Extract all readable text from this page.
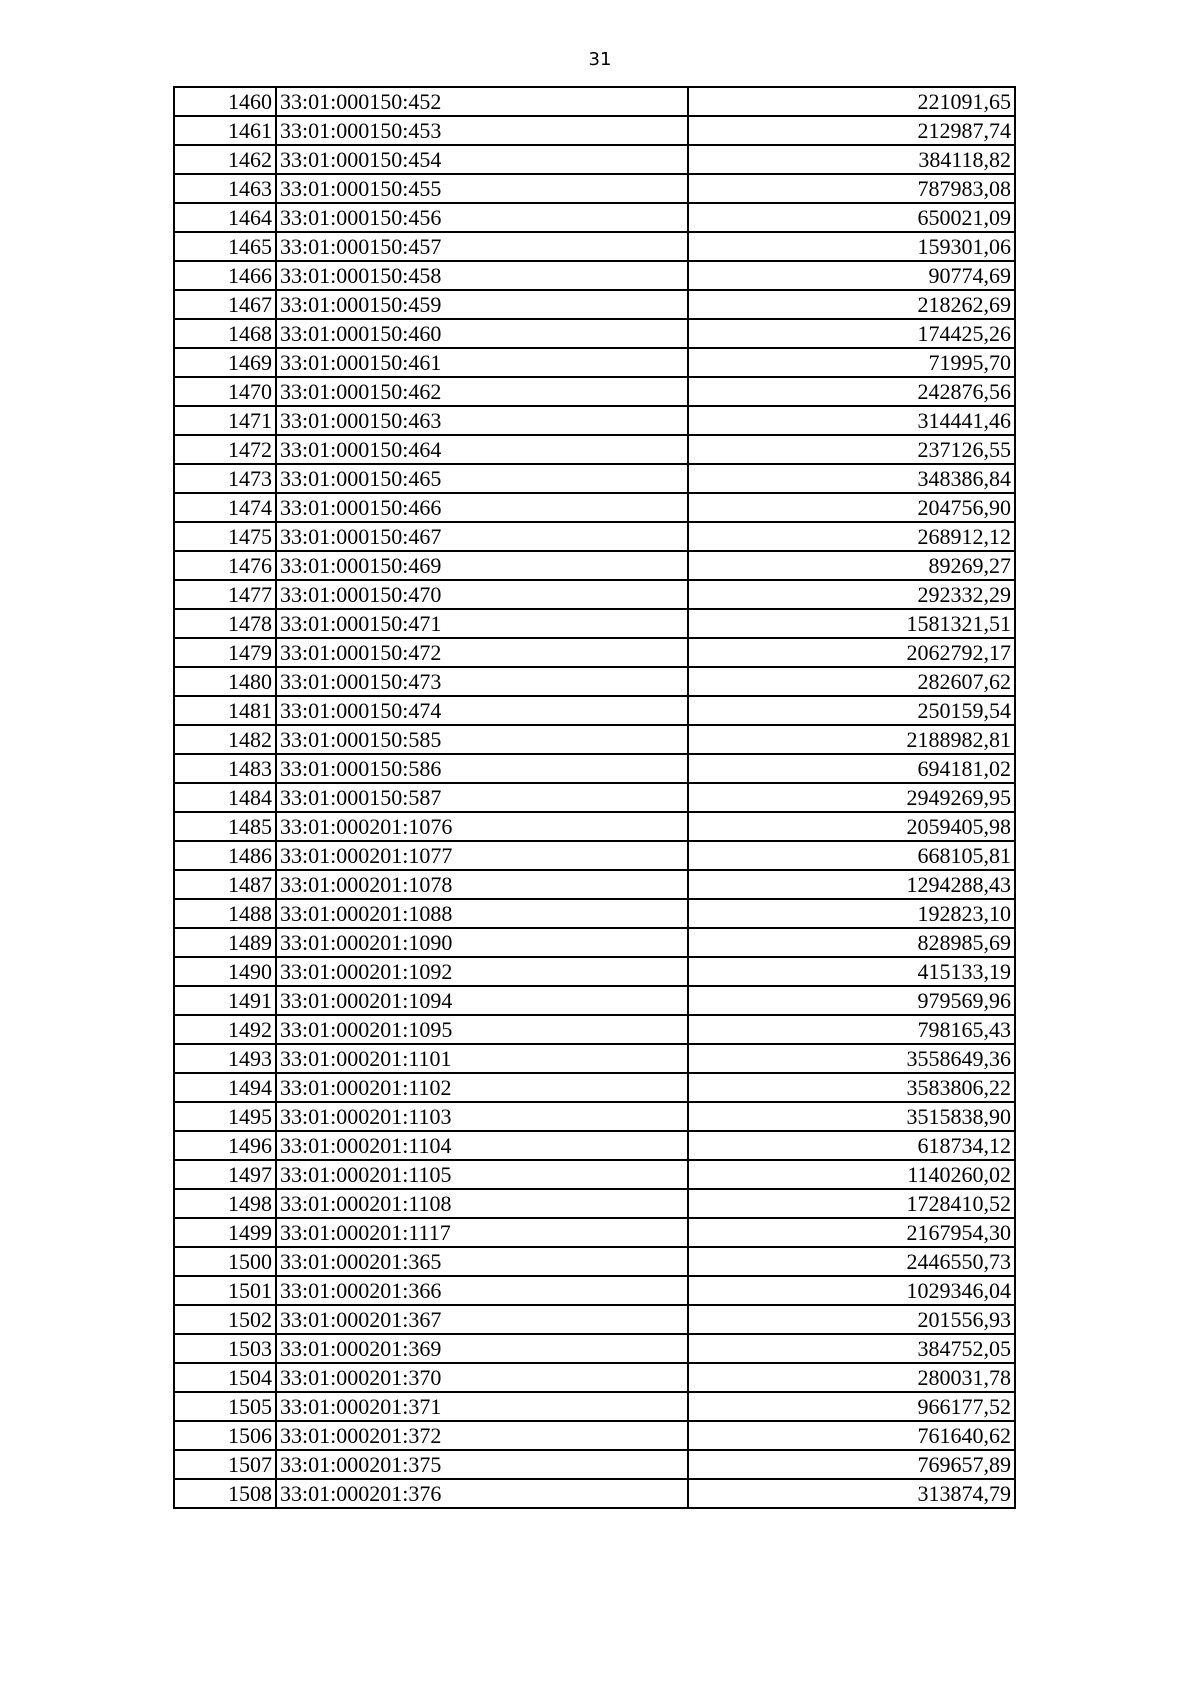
31
1460	33:01:000150:452	221091,65
1461	33:01:000150:453	212987,74
1462	33:01:000150:454	384118,82
1463	33:01:000150:455	787983,08
1464	33:01:000150:456	650021,09
1465	33:01:000150:457	159301,06
1466	33:01:000150:458	90774,69
1467	33:01:000150:459	218262,69
1468	33:01:000150:460	174425,26
1469	33:01:000150:461	71995,70
1470	33:01:000150:462	242876,56
1471	33:01:000150:463	314441,46
1472	33:01:000150:464	237126,55
1473	33:01:000150:465	348386,84
1474	33:01:000150:466	204756,90
1475	33:01:000150:467	268912,12
1476	33:01:000150:469	89269,27
1477	33:01:000150:470	292332,29
1478	33:01:000150:471	1581321,51
1479	33:01:000150:472	2062792,17
1480	33:01:000150:473	282607,62
1481	33:01:000150:474	250159,54
1482	33:01:000150:585	2188982,81
1483	33:01:000150:586	694181,02
1484	33:01:000150:587	2949269,95
1485	33:01:000201:1076	2059405,98
1486	33:01:000201:1077	668105,81
1487	33:01:000201:1078	1294288,43
1488	33:01:000201:1088	192823,10
1489	33:01:000201:1090	828985,69
1490	33:01:000201:1092	415133,19
1491	33:01:000201:1094	979569,96
1492	33:01:000201:1095	798165,43
1493	33:01:000201:1101	3558649,36
1494	33:01:000201:1102	3583806,22
1495	33:01:000201:1103	3515838,90
1496	33:01:000201:1104	618734,12
1497	33:01:000201:1105	1140260,02
1498	33:01:000201:1108	1728410,52
1499	33:01:000201:1117	2167954,30
1500	33:01:000201:365	2446550,73
1501	33:01:000201:366	1029346,04
1502	33:01:000201:367	201556,93
1503	33:01:000201:369	384752,05
1504	33:01:000201:370	280031,78
1505	33:01:000201:371	966177,52
1506	33:01:000201:372	761640,62
1507	33:01:000201:375	769657,89
1508	33:01:000201:376	313874,79
